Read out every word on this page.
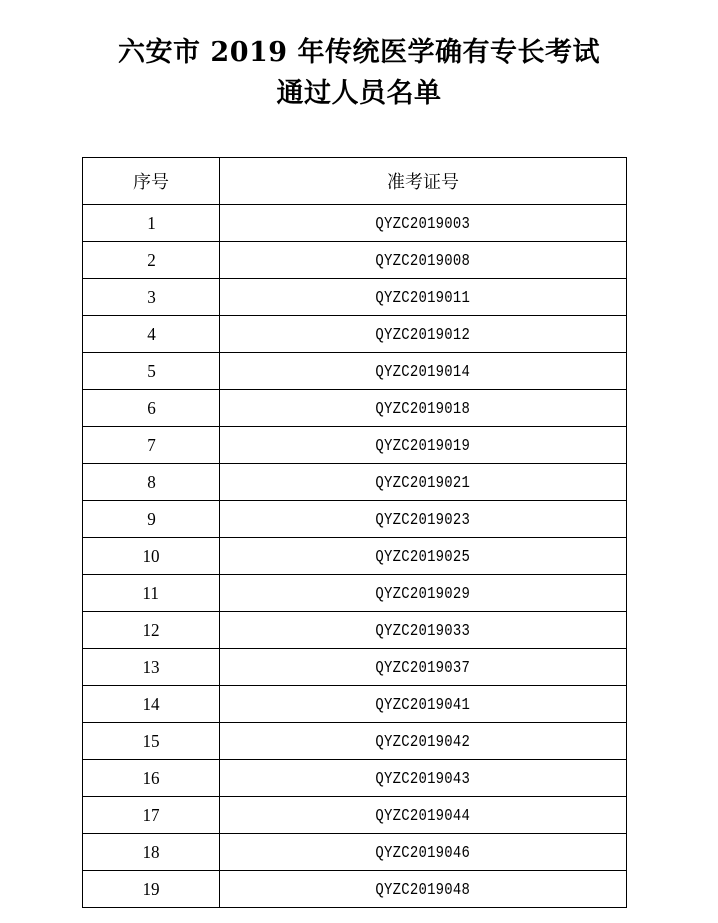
六安市 2019 年传统医学确有专长考试
通过人员名单
序号	准考证号
1	QYZC2019003
2	QYZC2019008
3	QYZC2019011
4	QYZC2019012
5	QYZC2019014
6	QYZC2019018
7	QYZC2019019
8	QYZC2019021
9	QYZC2019023
10	QYZC2019025
11	QYZC2019029
12	QYZC2019033
13	QYZC2019037
14	QYZC2019041
15	QYZC2019042
16	QYZC2019043
17	QYZC2019044
18	QYZC2019046
19	QYZC2019048
